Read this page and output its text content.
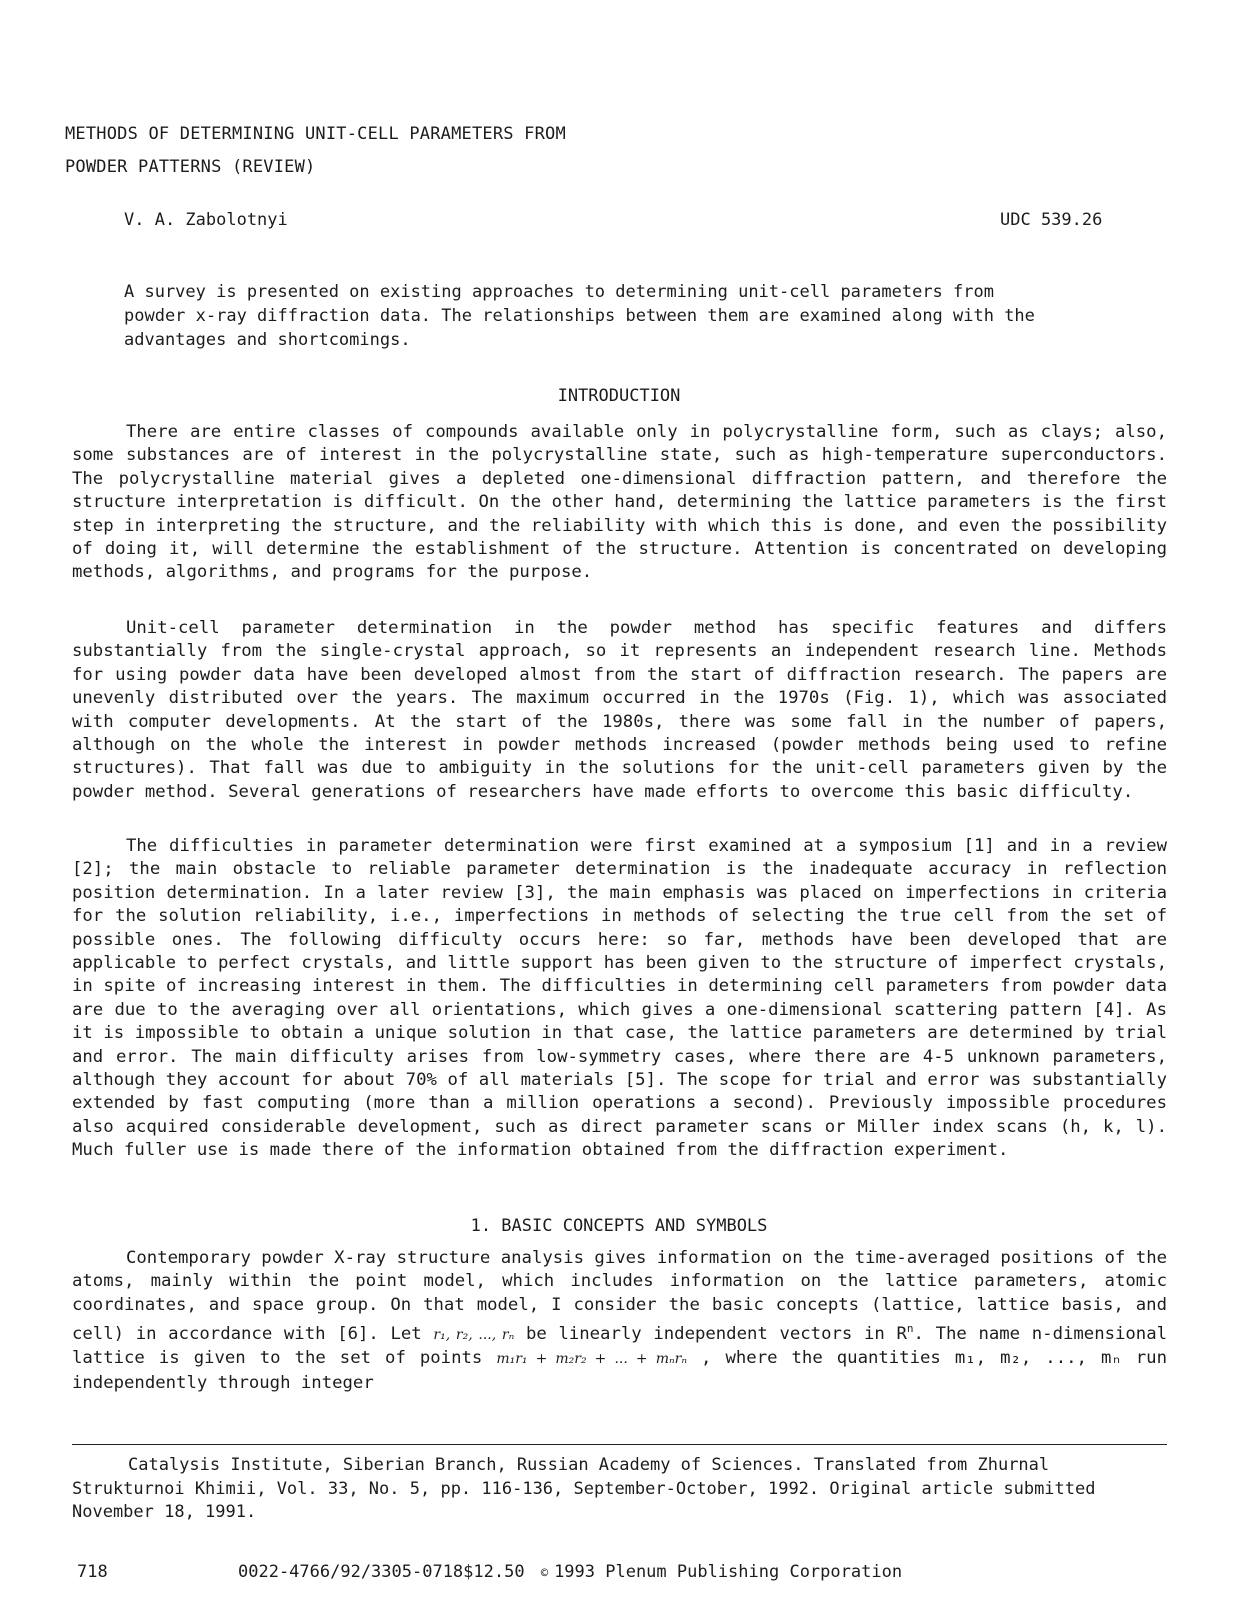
METHODS OF DETERMINING UNIT-CELL PARAMETERS FROM
POWDER PATTERNS (REVIEW)
V. A. Zabolotnyi	UDC 539.26

A survey is presented on existing approaches to determining unit-cell parameters from powder x-ray diffraction data. The relationships between them are examined along with the advantages and shortcomings.

INTRODUCTION

There are entire classes of compounds available only in polycrystalline form, such as clays; also, some substances are of interest in the polycrystalline state, such as high-temperature superconductors. The polycrystalline material gives a depleted one-dimensional diffraction pattern, and therefore the structure interpretation is difficult. On the other hand, determining the lattice parameters is the first step in interpreting the structure, and the reliability with which this is done, and even the possibility of doing it, will determine the establishment of the structure. Attention is concentrated on developing methods, algorithms, and programs for the purpose.

Unit-cell parameter determination in the powder method has specific features and differs substantially from the single-crystal approach, so it represents an independent research line. Methods for using powder data have been developed almost from the start of diffraction research. The papers are unevenly distributed over the years. The maximum occurred in the 1970s (Fig. 1), which was associated with computer developments. At the start of the 1980s, there was some fall in the number of papers, although on the whole the interest in powder methods increased (powder methods being used to refine structures). That fall was due to ambiguity in the solutions for the unit-cell parameters given by the powder method. Several generations of researchers have made efforts to overcome this basic difficulty.

The difficulties in parameter determination were first examined at a symposium [1] and in a review [2]; the main obstacle to reliable parameter determination is the inadequate accuracy in reflection position determination. In a later review [3], the main emphasis was placed on imperfections in criteria for the solution reliability, i.e., imperfections in methods of selecting the true cell from the set of possible ones. The following difficulty occurs here: so far, methods have been developed that are applicable to perfect crystals, and little support has been given to the structure of imperfect crystals, in spite of increasing interest in them. The difficulties in determining cell parameters from powder data are due to the averaging over all orientations, which gives a one-dimensional scattering pattern [4]. As it is impossible to obtain a unique solution in that case, the lattice parameters are determined by trial and error. The main difficulty arises from low-symmetry cases, where there are 4-5 unknown parameters, although they account for about 70% of all materials [5]. The scope for trial and error was substantially extended by fast computing (more than a million operations a second). Previously impossible procedures also acquired considerable development, such as direct parameter scans or Miller index scans (h, k, l). Much fuller use is made there of the information obtained from the diffraction experiment.

1. BASIC CONCEPTS AND SYMBOLS

Contemporary powder X-ray structure analysis gives information on the time-averaged positions of the atoms, mainly within the point model, which includes information on the lattice parameters, atomic coordinates, and space group. On that model, I consider the basic concepts (lattice, lattice basis, and cell) in accordance with [6]. Let r₁, r₂, ..., rₙ be linearly independent vectors in $R^n$. The name n-dimensional lattice is given to the set of points m₁r₁ + m₂r₂ + ... + mₙrₙ , where the quantities m₁, m₂, ..., mₙ run independently through integer

Catalysis Institute, Siberian Branch, Russian Academy of Sciences. Translated from Zhurnal Strukturnoi Khimii, Vol. 33, No. 5, pp. 116-136, September-October, 1992. Original article submitted November 18, 1991.

718	0022-4766/92/3305-0718$12.50 © 1993 Plenum Publishing Corporation
